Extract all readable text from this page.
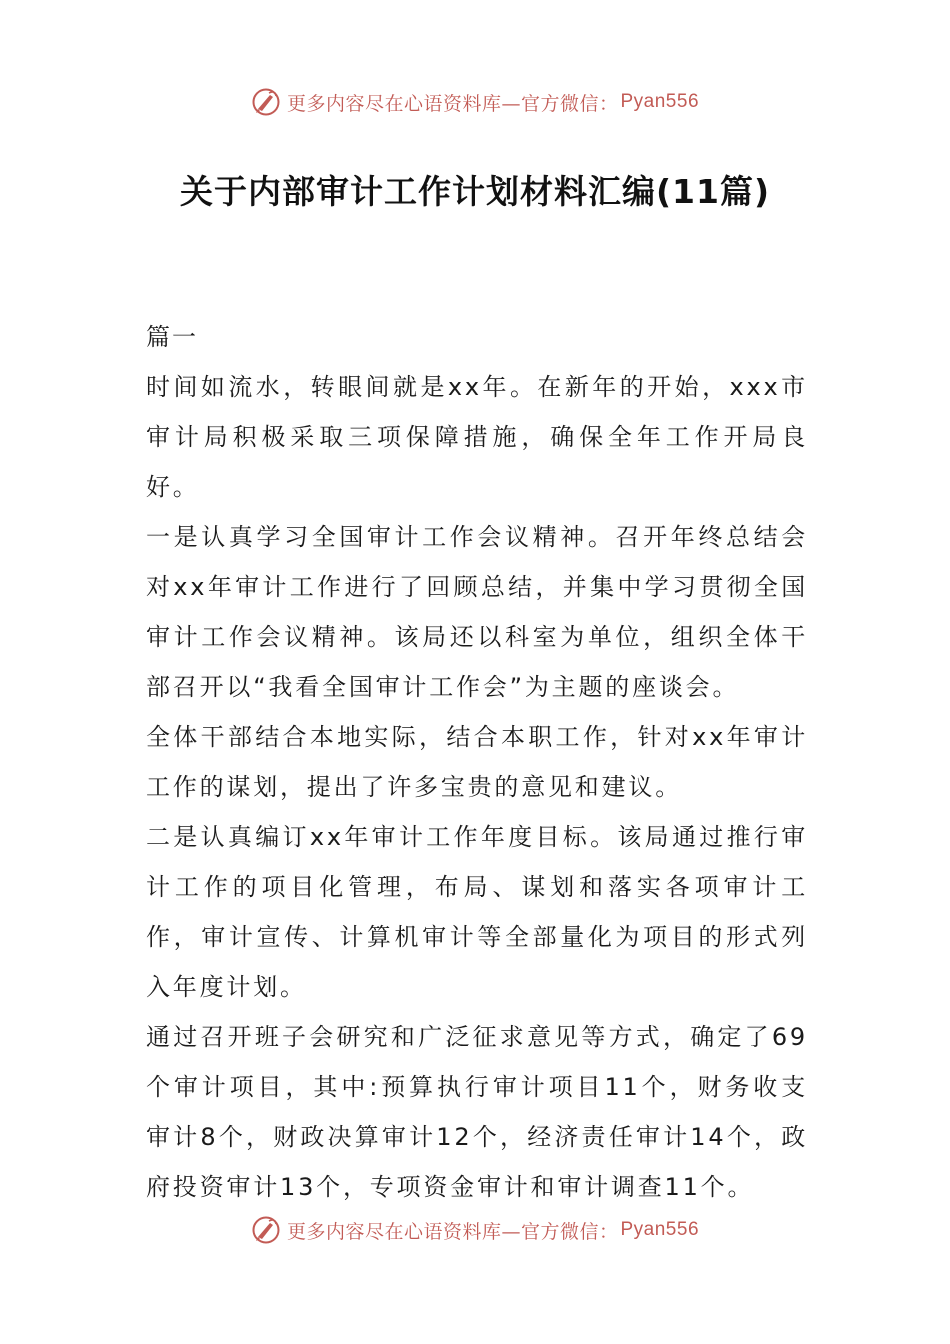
更多内容尽在心语资料库—官方微信： Pyan556
关于内部审计工作计划材料汇编(11篇)
篇一

时间如流水，转眼间就是xx年。在新年的开始，xxx市审计局积极采取三项保障措施，确保全年工作开局良好。

一是认真学习全国审计工作会议精神。召开年终总结会对xx年审计工作进行了回顾总结，并集中学习贯彻全国审计工作会议精神。该局还以科室为单位，组织全体干部召开以“我看全国审计工作会”为主题的座谈会。

全体干部结合本地实际，结合本职工作，针对xx年审计工作的谋划，提出了许多宝贵的意见和建议。

二是认真编订xx年审计工作年度目标。该局通过推行审计工作的项目化管理，布局、谋划和落实各项审计工作，审计宣传、计算机审计等全部量化为项目的形式列入年度计划。

通过召开班子会研究和广泛征求意见等方式，确定了69个审计项目，其中:预算执行审计项目11个，财务收支审计8个，财政决算审计12个，经济责任审计14个，政府投资审计13个，专项资金审计和审计调查11个。

更多内容尽在心语资料库—官方微信： Pyan556
